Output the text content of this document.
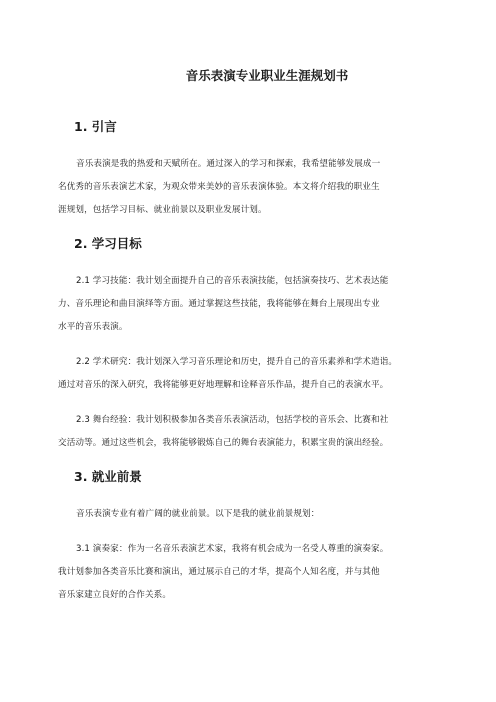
音乐表演专业职业生涯规划书
1. 引言
音乐表演是我的热爱和天赋所在。通过深入的学习和探索，我希望能够发展成一
名优秀的音乐表演艺术家，为观众带来美妙的音乐表演体验。本文将介绍我的职业生
涯规划，包括学习目标、就业前景以及职业发展计划。
2. 学习目标
2.1 学习技能：我计划全面提升自己的音乐表演技能，包括演奏技巧、艺术表达能
力、音乐理论和曲目演绎等方面。通过掌握这些技能，我将能够在舞台上展现出专业
水平的音乐表演。
2.2 学术研究：我计划深入学习音乐理论和历史，提升自己的音乐素养和学术造诣。
通过对音乐的深入研究，我将能够更好地理解和诠释音乐作品，提升自己的表演水平。
2.3 舞台经验：我计划积极参加各类音乐表演活动，包括学校的音乐会、比赛和社
交活动等。通过这些机会，我将能够锻炼自己的舞台表演能力，积累宝贵的演出经验。
3. 就业前景
音乐表演专业有着广阔的就业前景。以下是我的就业前景规划：
3.1 演奏家：作为一名音乐表演艺术家，我将有机会成为一名受人尊重的演奏家。
我计划参加各类音乐比赛和演出，通过展示自己的才华，提高个人知名度，并与其他
音乐家建立良好的合作关系。
